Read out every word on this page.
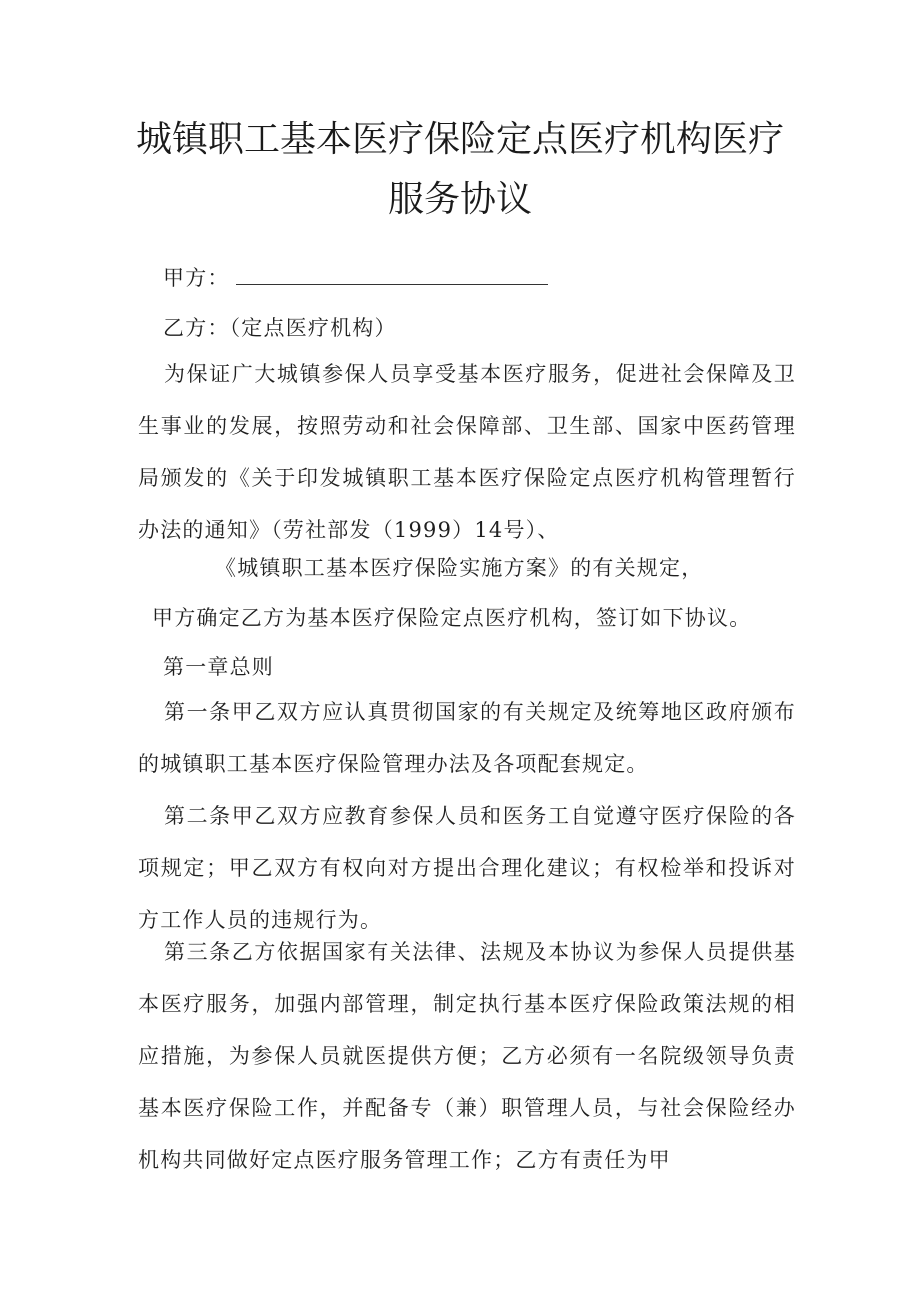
城镇职工基本医疗保险定点医疗机构医疗
服务协议
甲方：
乙方：（定点医疗机构）
为保证广大城镇参保人员享受基本医疗服务，促进社会保障及卫生事业的发展，按照劳动和社会保障部、卫生部、国家中医药管理局颁发的《关于印发城镇职工基本医疗保险定点医疗机构管理暂行办法的通知》（劳社部发（1999）14号）、
《城镇职工基本医疗保险实施方案》的有关规定，
甲方确定乙方为基本医疗保险定点医疗机构，签订如下协议。
第一章总则
第一条甲乙双方应认真贯彻国家的有关规定及统筹地区政府颁布的城镇职工基本医疗保险管理办法及各项配套规定。
第二条甲乙双方应教育参保人员和医务工自觉遵守医疗保险的各项规定；甲乙双方有权向对方提出合理化建议；有权检举和投诉对方工作人员的违规行为。
第三条乙方依据国家有关法律、法规及本协议为参保人员提供基本医疗服务，加强内部管理，制定执行基本医疗保险政策法规的相应措施，为参保人员就医提供方便；乙方必须有一名院级领导负责基本医疗保险工作，并配备专（兼）职管理人员，与社会保险经办机构共同做好定点医疗服务管理工作；乙方有责任为甲
